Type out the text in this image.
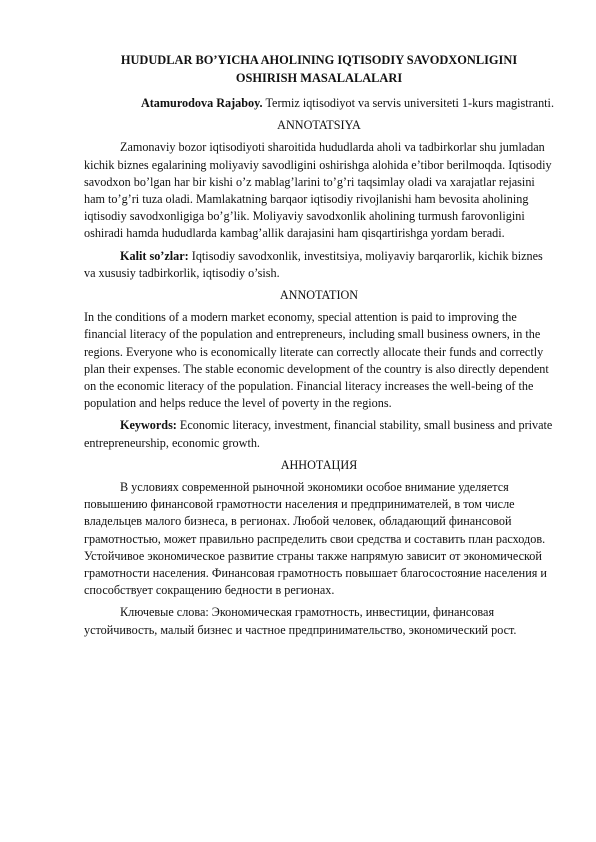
HUDUDLAR BO’YICHA AHOLINING IQTISODIY SAVODXONLIGINI
OSHIRISH MASALALALARI
Atamurodova Rajaboy. Termiz iqtisodiyot va servis universiteti 1-kurs magistranti.
ANNOTATSIYA

Zamonaviy bozor iqtisodiyoti sharoitida hududlarda aholi va tadbirkorlar shu jumladan kichik biznes egalarining moliyaviy savodligini oshirishga alohida e’tibor berilmoqda. Iqtisodiy savodxon bo’lgan har bir kishi o’z mablag’larini to’g’ri taqsimlay oladi va xarajatlar rejasini ham to’g’ri tuza oladi. Mamlakatning barqaor iqtisodiy rivojlanishi ham bevosita aholining iqtisodiy savodxonligiga bo’g’lik. Moliyaviy savodxonlik aholining turmush farovonligini oshiradi hamda hududlarda kambag’allik darajasini ham qisqartirishga yordam beradi.

Kalit so’zlar: Iqtisodiy savodxonlik, investitsiya, moliyaviy barqarorlik, kichik biznes va xususiy tadbirkorlik, iqtisodiy o’sish.

ANNOTATION

In the conditions of a modern market economy, special attention is paid to improving the financial literacy of the population and entrepreneurs, including small business owners, in the regions. Everyone who is economically literate can correctly allocate their funds and correctly plan their expenses. The stable economic development of the country is also directly dependent on the economic literacy of the population. Financial literacy increases the well-being of the population and helps reduce the level of poverty in the regions.

Keywords: Economic literacy, investment, financial stability, small business and private entrepreneurship, economic growth.

АННОТАЦИЯ

В условиях современной рыночной экономики особое внимание уделяется повышению финансовой грамотности населения и предпринимателей, в том числе владельцев малого бизнеса, в регионах. Любой человек, обладающий финансовой грамотностью, может правильно распределить свои средства и составить план расходов. Устойчивое экономическое развитие страны также напрямую зависит от экономической грамотности населения. Финансовая грамотность повышает благосостояние населения и способствует сокращению бедности в регионах.

Ключевые слова: Экономическая грамотность, инвестиции, финансовая устойчивость, малый бизнес и частное предпринимательство, экономический рост.
